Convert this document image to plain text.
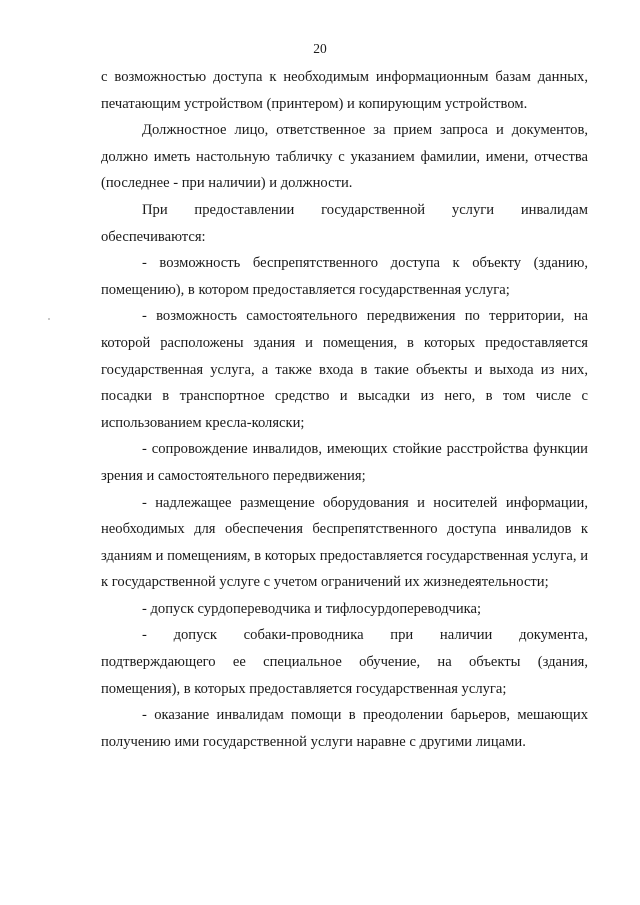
20

с возможностью доступа к необходимым информационным базам данных, печатающим устройством (принтером) и копирующим устройством.

Должностное лицо, ответственное за прием запроса и документов, должно иметь настольную табличку с указанием фамилии, имени, отчества (последнее - при наличии) и должности.

При предоставлении государственной услуги инвалидам обеспечиваются:

- возможность беспрепятственного доступа к объекту (зданию, помещению), в котором предоставляется государственная услуга;

- возможность самостоятельного передвижения по территории, на которой расположены здания и помещения, в которых предоставляется государственная услуга, а также входа в такие объекты и выхода из них, посадки в транспортное средство и высадки из него, в том числе с использованием кресла-коляски;

- сопровождение инвалидов, имеющих стойкие расстройства функции зрения и самостоятельного передвижения;

- надлежащее размещение оборудования и носителей информации, необходимых для обеспечения беспрепятственного доступа инвалидов к зданиям и помещениям, в которых предоставляется государственная услуга, и к государственной услуге с учетом ограничений их жизнедеятельности;

- допуск сурдопереводчика и тифлосурдопереводчика;

- допуск собаки-проводника при наличии документа, подтверждающего ее специальное обучение, на объекты (здания, помещения), в которых предоставляется государственная услуга;

- оказание инвалидам помощи в преодолении барьеров, мешающих получению ими государственной услуги наравне с другими лицами.
